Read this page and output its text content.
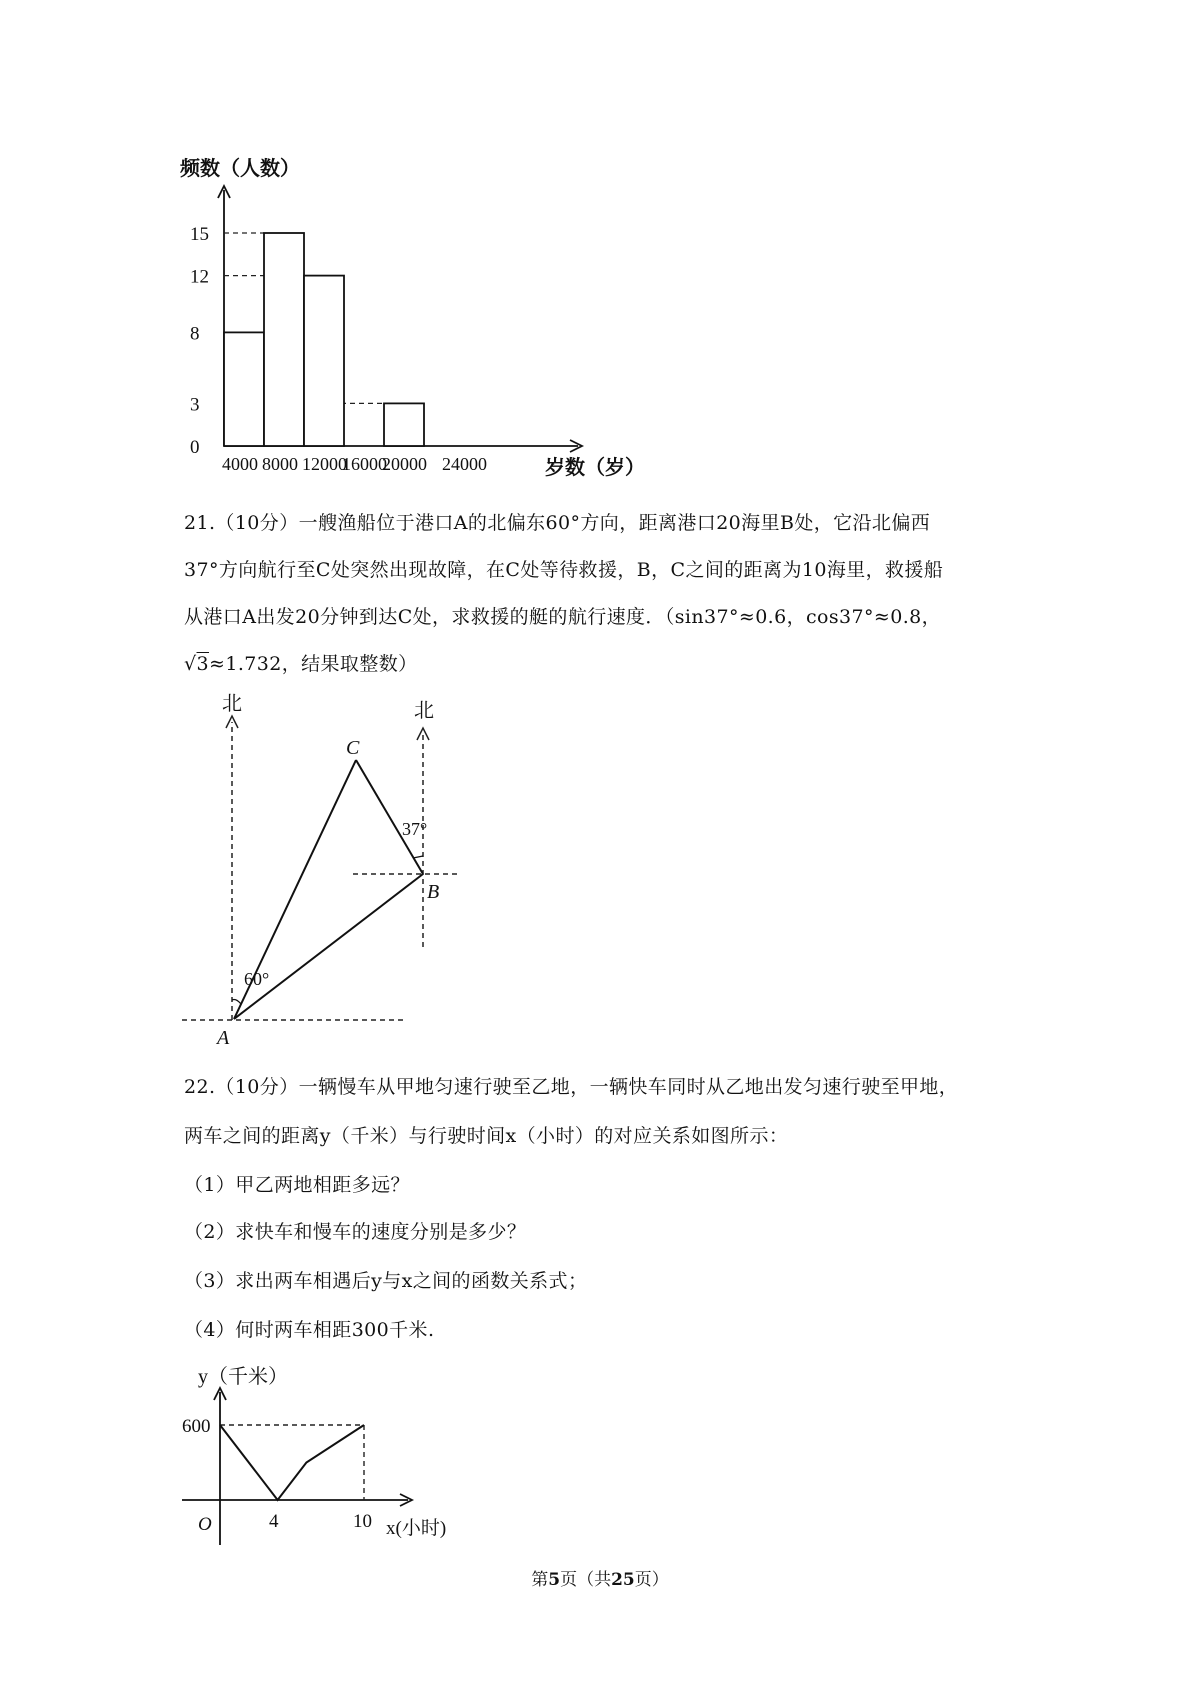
0
3
8
12
15
4000 8000 12000
16000
20000 24000
频数（人数）
岁数（岁）
21.（10分）一艘渔船位于港口A的北偏东60°方向，距离港口20海里B处，它沿北偏西
37°方向航行至C处突然出现故障，在C处等待救援，B，C之间的距离为10海里，救援船
从港口A出发20分钟到达C处，求救援的艇的航行速度．（sin37°≈0.6，cos37°≈0.8，
√3≈1.732，结果取整数）
北	北
C
B
A
60°
37°
22.（10分）一辆慢车从甲地匀速行驶至乙地，一辆快车同时从乙地出发匀速行驶至甲地，
两车之间的距离y（千米）与行驶时间x（小时）的对应关系如图所示：
（1）甲乙两地相距多远？
（2）求快车和慢车的速度分别是多少？
（3）求出两车相遇后y与x之间的函数关系式；
（4）何时两车相距300千米.
y（千米）
600
O	4	10 x(小时)
第5页（共25页）
